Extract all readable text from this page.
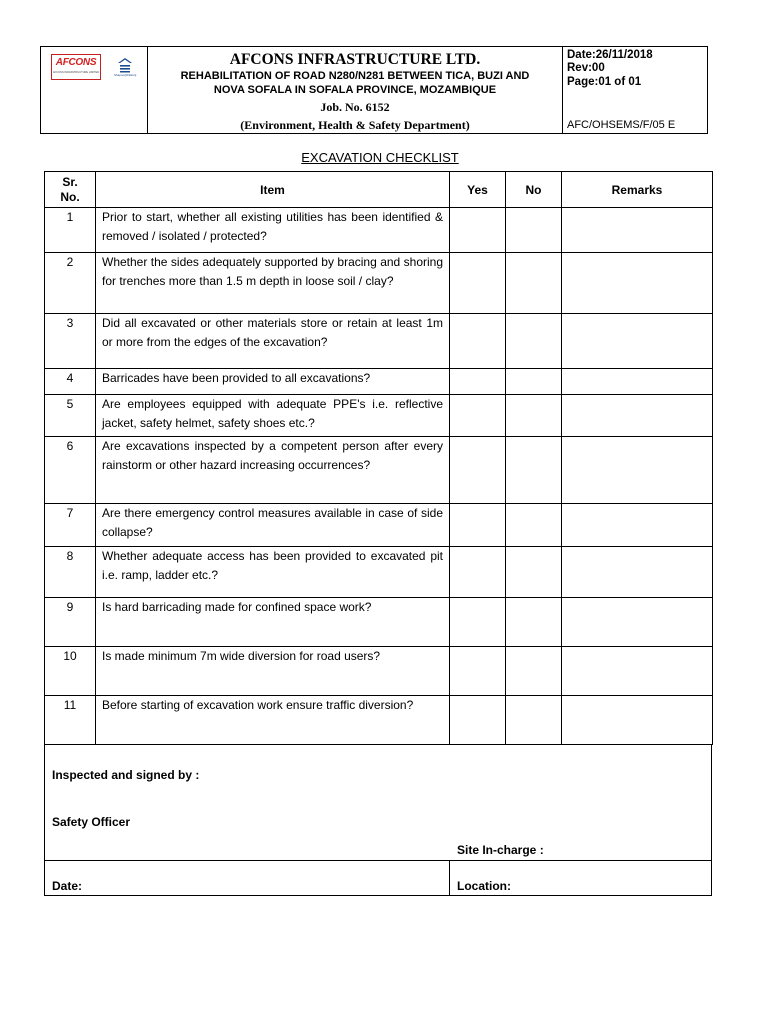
AFCONS
AFCONS INFRASTRUCTURE LIMITED
ShapoorjiPallonji

AFCONS INFRASTRUCTURE LTD.
REHABILITATION OF ROAD N280/N281 BETWEEN TICA, BUZI AND
NOVA SOFALA IN SOFALA PROVINCE, MOZAMBIQUE
Job. No. 6152
(Environment, Health & Safety Department)

Date:26/11/2018
Rev:00
Page:01 of 01
AFC/OHSEMS/F/05 E
EXCAVATION CHECKLIST
Sr.
No.	Item	Yes	No	Remarks
1	Prior to start, whether all existing utilities has been identified & removed / isolated / protected?			
2	Whether the sides adequately supported by bracing and shoring for trenches more than 1.5 m depth in loose soil / clay?			
3	Did all excavated or other materials store or retain at least 1m or more from the edges of the excavation?			
4	Barricades have been provided to all excavations?			
5	Are employees equipped with adequate PPE's i.e. reflective jacket, safety helmet, safety shoes etc.?			
6	Are excavations inspected by a competent person after every rainstorm or other hazard increasing occurrences?			
7	Are there emergency control measures available in case of side collapse?			
8	Whether adequate access has been provided to excavated pit i.e. ramp, ladder etc.?			
9	Is hard barricading made for confined space work?			
10	Is made minimum 7m wide diversion for road users?			
11	Before starting of excavation work ensure traffic diversion?			
Inspected and signed by :
Safety Officer
Site In-charge :
Date:	Location:
